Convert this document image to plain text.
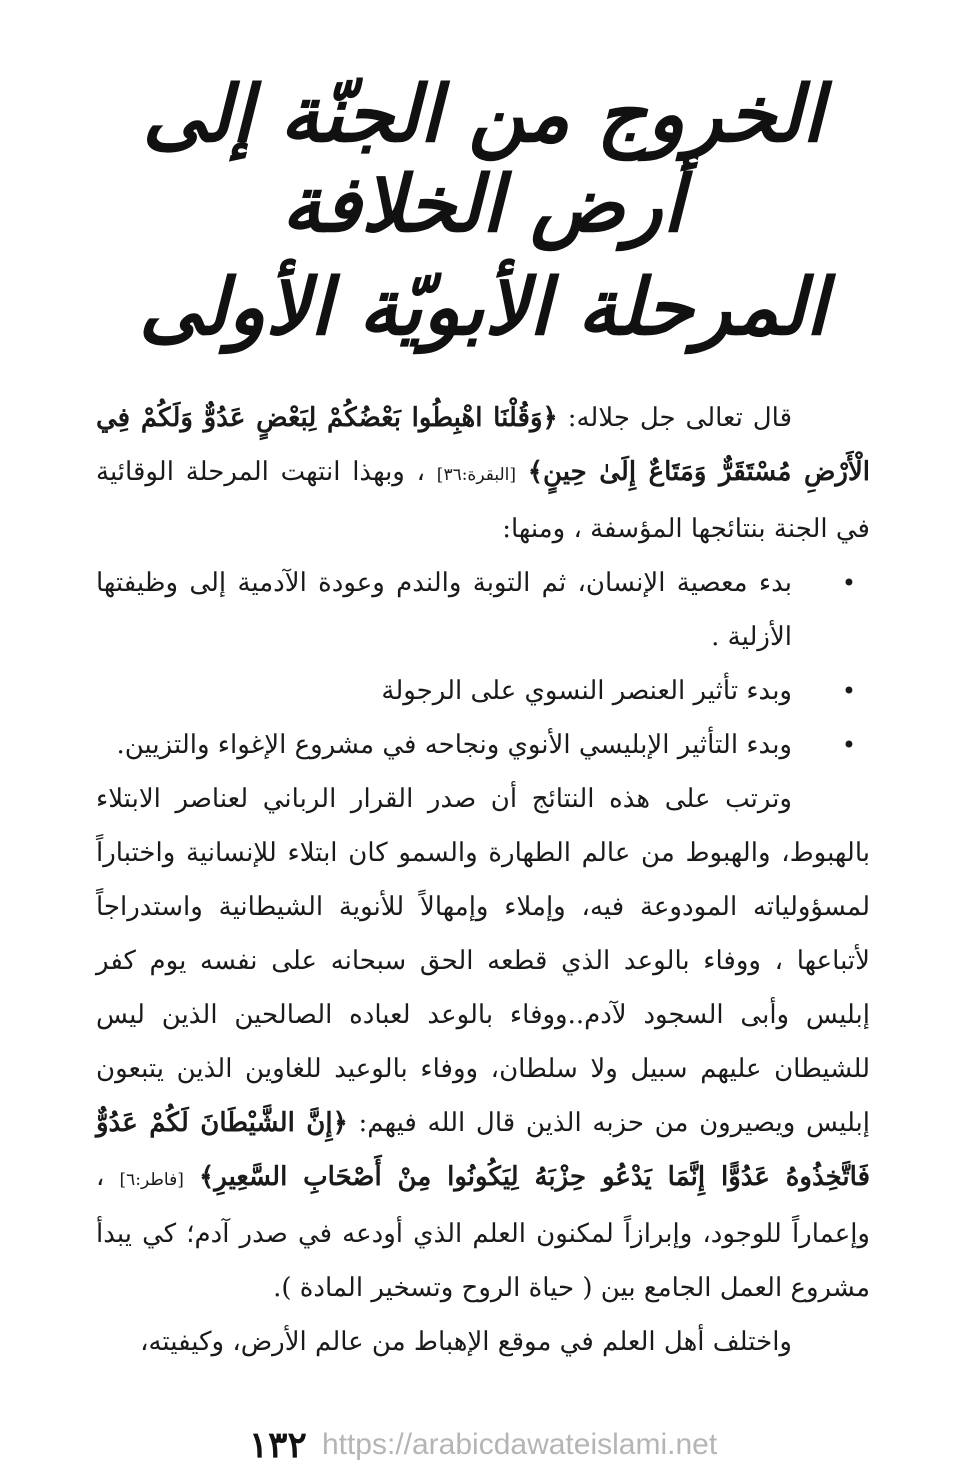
الخروج من الجنّة إلى أرض الخلافة
المرحلة الأبويّة الأولى

قال تعالى جل جلاله: ﴿وَقُلْنَا اهْبِطُوا بَعْضُكُمْ لِبَعْضٍ عَدُوٌّ وَلَكُمْ فِي الْأَرْضِ مُسْتَقَرٌّ وَمَتَاعٌ إِلَىٰ حِينٍ﴾ [البقرة:٣٦] ، وبهذا انتهت المرحلة الوقائية في الجنة بنتائجها المؤسفة ، ومنها:

•
بدء معصية الإنسان، ثم التوبة والندم وعودة الآدمية إلى وظيفتها الأزلية .
•
وبدء تأثير العنصر النسوي على الرجولة
•
وبدء التأثير الإبليسي الأنوي ونجاحه في مشروع الإغواء والتزيين.

وترتب على هذه النتائج أن صدر القرار الرباني لعناصر الابتلاء بالهبوط، والهبوط من عالم الطهارة والسمو كان ابتلاء للإنسانية واختباراً لمسؤولياته المودوعة فيه، وإملاء وإمهالاً للأنوية الشيطانية واستدراجاً لأتباعها ، ووفاء بالوعد الذي قطعه الحق سبحانه على نفسه يوم كفر إبليس وأبى السجود لآدم..ووفاء بالوعد لعباده الصالحين الذين ليس للشيطان عليهم سبيل ولا سلطان، ووفاء بالوعيد للغاوين الذين يتبعون إبليس ويصيرون من حزبه الذين قال الله فيهم: ﴿إِنَّ الشَّيْطَانَ لَكُمْ عَدُوٌّ فَاتَّخِذُوهُ عَدُوًّا إِنَّمَا يَدْعُو حِزْبَهُ لِيَكُونُوا مِنْ أَصْحَابِ السَّعِيرِ﴾ [فاطر:٦] ، وإعماراً للوجود، وإبرازاً لمكنون العلم الذي أودعه في صدر آدم؛ كي يبدأ مشروع العمل الجامع بين ( حياة الروح وتسخير المادة ).

واختلف أهل العلم في موقع الإهباط من عالم الأرض، وكيفيته،

١٣٢ https://arabicdawateislami.net
